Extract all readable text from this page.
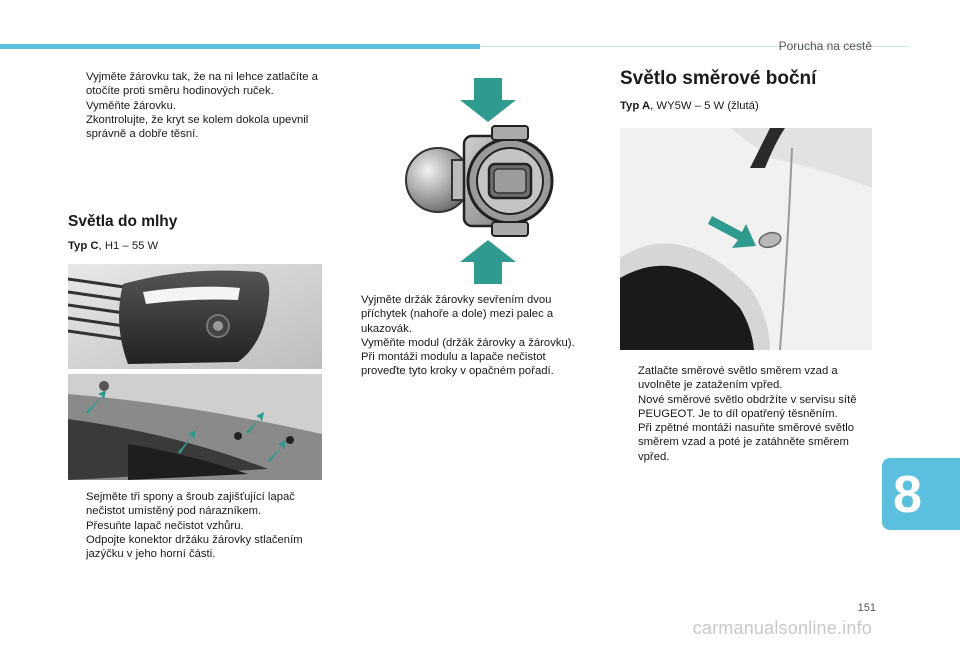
Porucha na cestě
Vyjměte žárovku tak, že na ni lehce zatlačíte a otočíte proti směru hodinových ruček.
Vyměňte žárovku.
Zkontrolujte, že kryt se kolem dokola upevnil správně a dobře těsní.
Světla do mlhy
Typ C, H1 – 55 W
Sejměte tři spony a šroub zajišťující lapač nečistot umístěný pod nárazníkem.
Přesuňte lapač nečistot vzhůru.
Odpojte konektor držáku žárovky stlačením jazýčku v jeho horní části.
Vyjměte držák žárovky sevřením dvou příchytek (nahoře a dole) mezi palec a ukazovák.
Vyměňte modul (držák žárovky a žárovku).
Při montáži modulu a lapače nečistot proveďte tyto kroky v opačném pořadí.
Světlo směrové boční
Typ A, WY5W – 5 W (žlutá)
Zatlačte směrové světlo směrem vzad a uvolněte je zatažením vpřed.
Nové směrové světlo obdržíte v servisu sítě PEUGEOT. Je to díl opatřený těsněním.
Při zpětné montáži nasuňte směrové světlo směrem vzad a poté je zatáhněte směrem vpřed.
8
151
carmanualsonline.info
